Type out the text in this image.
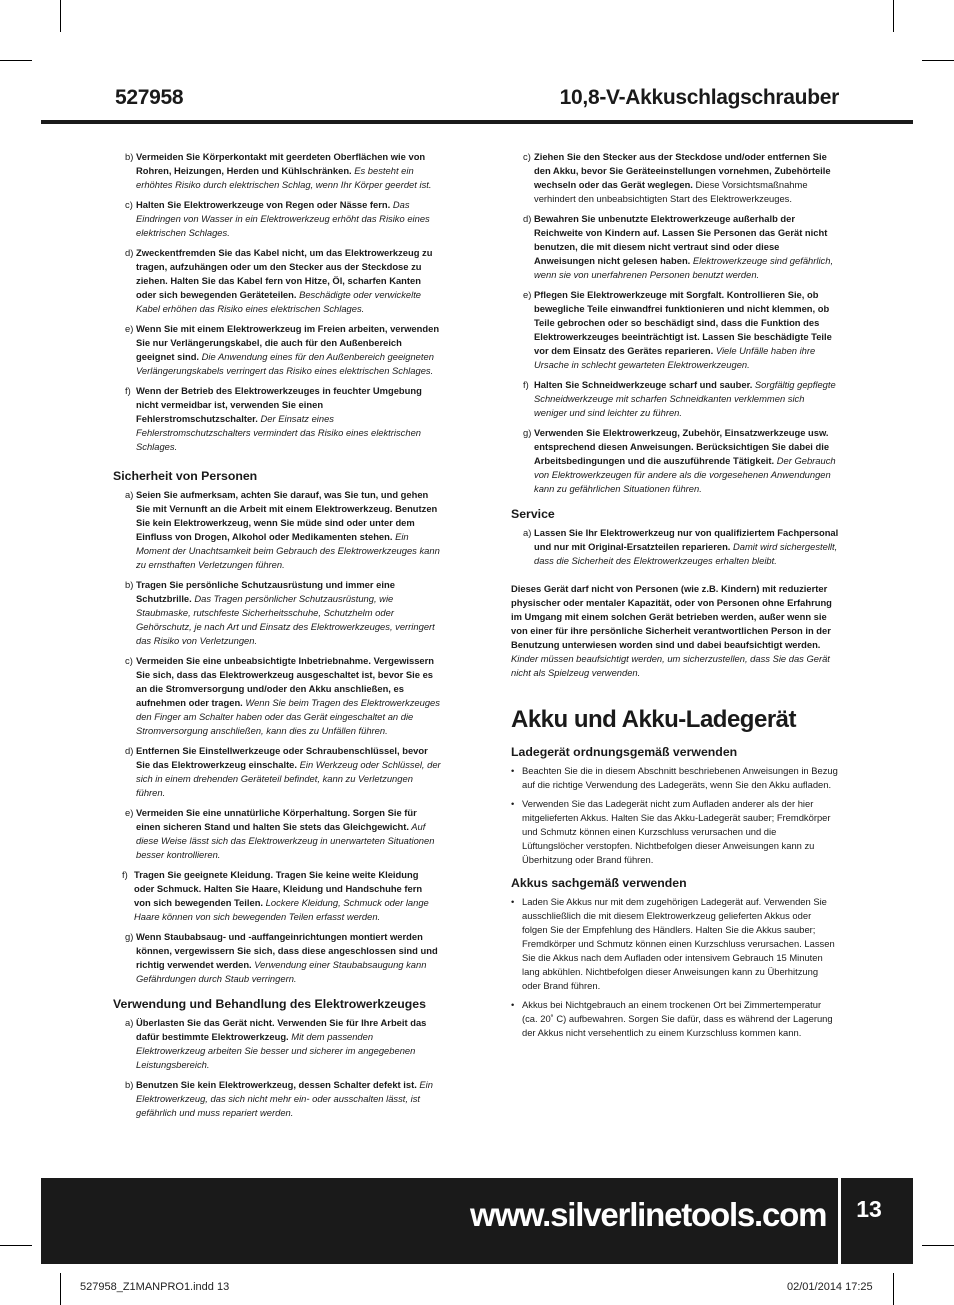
527958	10,8-V-Akkuschlagschrauber
b) Vermeiden Sie Körperkontakt mit geerdeten Oberflächen wie von Rohren, Heizungen, Herden und Kühlschränken. Es besteht ein erhöhtes Risiko durch elektrischen Schlag, wenn Ihr Körper geerdet ist.
c) Halten Sie Elektrowerkzeuge von Regen oder Nässe fern. Das Eindringen von Wasser in ein Elektrowerkzeug erhöht das Risiko eines elektrischen Schlages.
d) Zweckentfremden Sie das Kabel nicht, um das Elektrowerkzeug zu tragen, aufzuhängen oder um den Stecker aus der Steckdose zu ziehen. Halten Sie das Kabel fern von Hitze, Öl, scharfen Kanten oder sich bewegenden Geräteteilen. Beschädigte oder verwickelte Kabel erhöhen das Risiko eines elektrischen Schlages.
e) Wenn Sie mit einem Elektrowerkzeug im Freien arbeiten, verwenden Sie nur Verlängerungskabel, die auch für den Außenbereich geeignet sind. Die Anwendung eines für den Außenbereich geeigneten Verlängerungskabels verringert das Risiko eines elektrischen Schlages.
f) Wenn der Betrieb des Elektrowerkzeuges in feuchter Umgebung nicht vermeidbar ist, verwenden Sie einen Fehlerstromschutzschalter. Der Einsatz eines Fehlerstromschutzschalters vermindert das Risiko eines elektrischen Schlages.
Sicherheit von Personen
a) Seien Sie aufmerksam, achten Sie darauf, was Sie tun, und gehen Sie mit Vernunft an die Arbeit mit einem Elektrowerkzeug. Benutzen Sie kein Elektrowerkzeug, wenn Sie müde sind oder unter dem Einfluss von Drogen, Alkohol oder Medikamenten stehen. Ein Moment der Unachtsamkeit beim Gebrauch des Elektrowerkzeuges kann zu ernsthaften Verletzungen führen.
b) Tragen Sie persönliche Schutzausrüstung und immer eine Schutzbrille. Das Tragen persönlicher Schutzausrüstung, wie Staubmaske, rutschfeste Sicherheitsschuhe, Schutzhelm oder Gehörschutz, je nach Art und Einsatz des Elektrowerkzeuges, verringert das Risiko von Verletzungen.
c) Vermeiden Sie eine unbeabsichtigte Inbetriebnahme. Vergewissern Sie sich, dass das Elektrowerkzeug ausgeschaltet ist, bevor Sie es an die Stromversorgung und/oder den Akku anschließen, es aufnehmen oder tragen. Wenn Sie beim Tragen des Elektrowerkzeuges den Finger am Schalter haben oder das Gerät eingeschaltet an die Stromversorgung anschließen, kann dies zu Unfällen führen.
d) Entfernen Sie Einstellwerkzeuge oder Schraubenschlüssel, bevor Sie das Elektrowerkzeug einschalte. Ein Werkzeug oder Schlüssel, der sich in einem drehenden Geräteteil befindet, kann zu Verletzungen führen.
e) Vermeiden Sie eine unnatürliche Körperhaltung. Sorgen Sie für einen sicheren Stand und halten Sie stets das Gleichgewicht. Auf diese Weise lässt sich das Elektrowerkzeug in unerwarteten Situationen besser kontrollieren.
f) Tragen Sie geeignete Kleidung. Tragen Sie keine weite Kleidung oder Schmuck. Halten Sie Haare, Kleidung und Handschuhe fern von sich bewegenden Teilen. Lockere Kleidung, Schmuck oder lange Haare können von sich bewegenden Teilen erfasst werden.
g) Wenn Staubabsaug- und -auffangeinrichtungen montiert werden können, vergewissern Sie sich, dass diese angeschlossen sind und richtig verwendet werden. Verwendung einer Staubabsaugung kann Gefährdungen durch Staub verringern.
Verwendung und Behandlung des Elektrowerkzeuges
a) Überlasten Sie das Gerät nicht. Verwenden Sie für Ihre Arbeit das dafür bestimmte Elektrowerkzeug. Mit dem passenden Elektrowerkzeug arbeiten Sie besser und sicherer im angegebenen Leistungsbereich.
b) Benutzen Sie kein Elektrowerkzeug, dessen Schalter defekt ist. Ein Elektrowerkzeug, das sich nicht mehr ein- oder ausschalten lässt, ist gefährlich und muss repariert werden.
c) Ziehen Sie den Stecker aus der Steckdose und/oder entfernen Sie den Akku, bevor Sie Geräteeinstellungen vornehmen, Zubehörteile wechseln oder das Gerät weglegen. Diese Vorsichtsmaßnahme verhindert den unbeabsichtigten Start des Elektrowerkzeuges.
d) Bewahren Sie unbenutzte Elektrowerkzeuge außerhalb der Reichweite von Kindern auf. Lassen Sie Personen das Gerät nicht benutzen, die mit diesem nicht vertraut sind oder diese Anweisungen nicht gelesen haben. Elektrowerkzeuge sind gefährlich, wenn sie von unerfahrenen Personen benutzt werden.
e) Pflegen Sie Elektrowerkzeuge mit Sorgfalt. Kontrollieren Sie, ob bewegliche Teile einwandfrei funktionieren und nicht klemmen, ob Teile gebrochen oder so beschädigt sind, dass die Funktion des Elektrowerkzeuges beeinträchtigt ist. Lassen Sie beschädigte Teile vor dem Einsatz des Gerätes reparieren. Viele Unfälle haben ihre Ursache in schlecht gewarteten Elektrowerkzeugen.
f) Halten Sie Schneidwerkzeuge scharf und sauber. Sorgfältig gepflegte Schneidwerkzeuge mit scharfen Schneidkanten verklemmen sich weniger und sind leichter zu führen.
g) Verwenden Sie Elektrowerkzeug, Zubehör, Einsatzwerkzeuge usw. entsprechend diesen Anweisungen. Berücksichtigen Sie dabei die Arbeitsbedingungen und die auszuführende Tätigkeit. Der Gebrauch von Elektrowerkzeugen für andere als die vorgesehenen Anwendungen kann zu gefährlichen Situationen führen.
Service
a) Lassen Sie Ihr Elektrowerkzeug nur von qualifiziertem Fachpersonal und nur mit Original-Ersatzteilen reparieren. Damit wird sichergestellt, dass die Sicherheit des Elektrowerkzeuges erhalten bleibt.
Dieses Gerät darf nicht von Personen (wie z.B. Kindern) mit reduzierter physischer oder mentaler Kapazität, oder von Personen ohne Erfahrung im Umgang mit einem solchen Gerät betrieben werden, außer wenn sie von einer für ihre persönliche Sicherheit verantwortlichen Person in der Benutzung unterwiesen worden sind und dabei beaufsichtigt werden. Kinder müssen beaufsichtigt werden, um sicherzustellen, dass Sie das Gerät nicht als Spielzeug verwenden.
Akku und Akku-Ladegerät
Ladegerät ordnungsgemäß verwenden
• Beachten Sie die in diesem Abschnitt beschriebenen Anweisungen in Bezug auf die richtige Verwendung des Ladegeräts, wenn Sie den Akku aufladen.
• Verwenden Sie das Ladegerät nicht zum Aufladen anderer als der hier mitgelieferten Akkus. Halten Sie das Akku-Ladegerät sauber; Fremdkörper und Schmutz können einen Kurzschluss verursachen und die Lüftungslöcher verstopfen. Nichtbefolgen dieser Anweisungen kann zu Überhitzung oder Brand führen.
Akkus sachgemäß verwenden
• Laden Sie Akkus nur mit dem zugehörigen Ladegerät auf. Verwenden Sie ausschließlich die mit diesem Elektrowerkzeug gelieferten Akkus oder folgen Sie der Empfehlung des Händlers. Halten Sie die Akkus sauber; Fremdkörper und Schmutz können einen Kurzschluss verursachen. Lassen Sie die Akkus nach dem Aufladen oder intensivem Gebrauch 15 Minuten lang abkühlen. Nichtbefolgen dieser Anweisungen kann zu Überhitzung oder Brand führen.
• Akkus bei Nichtgebrauch an einem trockenen Ort bei Zimmertemperatur (ca. 20˚ C) aufbewahren. Sorgen Sie dafür, dass es während der Lagerung der Akkus nicht versehentlich zu einem Kurzschluss kommen kann.
www.silverlinetools.com	13
527958_Z1MANPRO1.indd 13	02/01/2014 17:25
